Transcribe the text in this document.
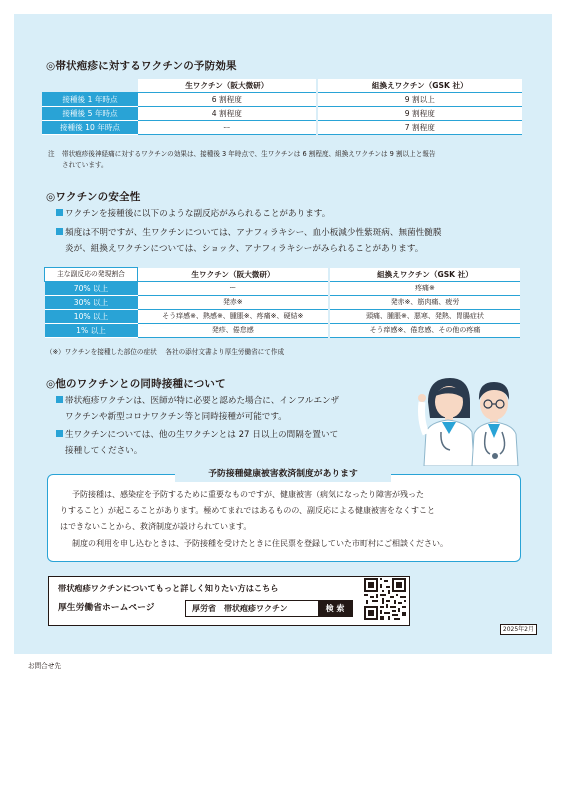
◎帯状疱疹に対するワクチンの予防効果
	生ワクチン（阪大微研）	組換えワクチン（GSK 社）
接種後 1 年時点	6 割程度	9 割以上
接種後 5 年時点	4 割程度	9 割程度
接種後 10 年時点	ー	7 割程度
注 帯状疱疹後神経痛に対するワクチンの効果は、接種後 3 年時点で、生ワクチンは 6 割程度、組換えワクチンは 9 割以上と報告
されています。
◎ワクチンの安全性
ワクチンを接種後に以下のような副反応がみられることがあります。
頻度は不明ですが、生ワクチンについては、アナフィラキシー、血小板減少性紫斑病、無菌性髄膜
炎が、組換えワクチンについては、ショック、アナフィラキシーがみられることがあります。
主な副反応の発現割合	生ワクチン（阪大微研）	組換えワクチン（GSK 社）
70% 以上	ー	疼痛※
30% 以上	発赤※	発赤※、筋肉痛、疲労
10% 以上	そう痒感※、熱感※、腫脹※、疼痛※、硬結※	頭痛、腫脹※、悪寒、発熱、胃腸症状
1% 以上	発疹、倦怠感	そう痒感※、倦怠感、その他の疼痛
（※）ワクチンを接種した部位の症状　 各社の添付文書より厚生労働省にて作成
◎他のワクチンとの同時接種について
帯状疱疹ワクチンは、医師が特に必要と認めた場合に、インフルエンザ
ワクチンや新型コロナワクチン等と同時接種が可能です。
生ワクチンについては、他の生ワクチンとは 27 日以上の間隔を置いて
接種してください。
予防接種健康被害救済制度があります
予防接種は、感染症を予防するために重要なものですが、健康被害（病気になったり障害が残った
りすること）が起こることがあります。極めてまれではあるものの、副反応による健康被害をなくすこと
はできないことから、救済制度が設けられています。
制度の利用を申し込むときは、予防接種を受けたときに住民票を登録していた市町村にご相談ください。
帯状疱疹ワクチンについてもっと詳しく知りたい方はこちら
厚生労働省ホームページ	厚労省　帯状疱疹ワクチン	検 索
2025年2月
お問合せ先
